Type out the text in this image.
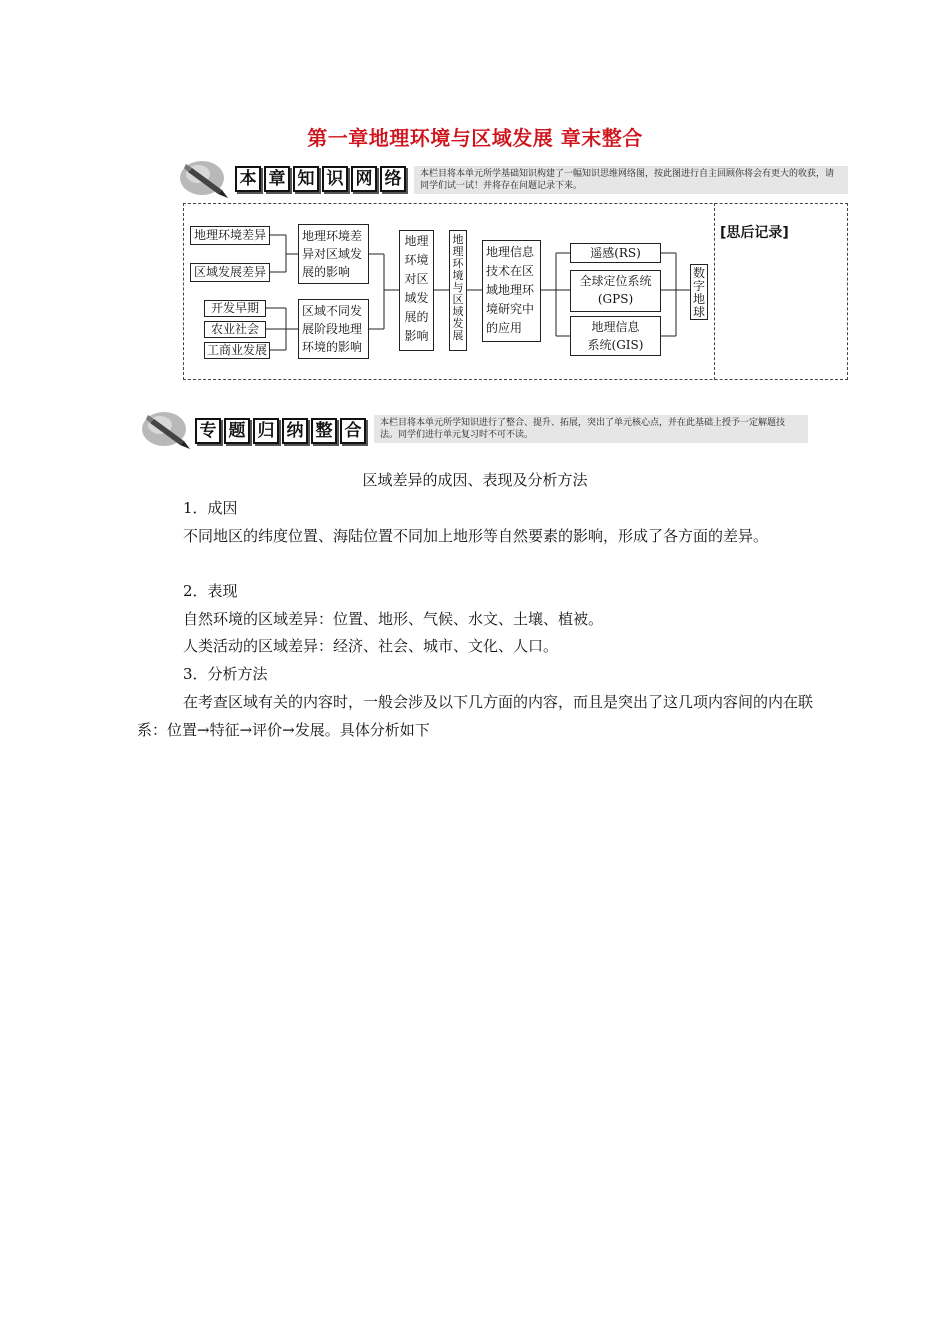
第一章地理环境与区域发展 章末整合
本 章 知 识 网 络	本栏目将本单元所学基础知识构建了一幅知识思维网络图，按此图进行自主回顾你将会有更大的收获，请同学们试一试！并将存在问题记录下来。
[思后记录]
地理环境差异
区域发展差异
地理环境差异对区域发展的影响
开发早期
农业社会
工商业发展
区域不同发展阶段地理环境的影响
地理环境对区域发展的影响
地理环境与区域发展
地理信息技术在区域地理环境研究中的应用
遥感(RS)
全球定位系统
(GPS)
地理信息
系统(GIS)
数字地球
专 题 归 纳 整 合	本栏目将本单元所学知识进行了整合、提升、拓展，突出了单元核心点，并在此基础上授予一定解题技法。同学们进行单元复习时不可不读。
区域差异的成因、表现及分析方法
1．成因
不同地区的纬度位置、海陆位置不同加上地形等自然要素的影响，形成了各方面的差异。
2．表现
自然环境的区域差异：位置、地形、气候、水文、土壤、植被。
人类活动的区域差异：经济、社会、城市、文化、人口。
3．分析方法
在考查区域有关的内容时，一般会涉及以下几方面的内容，而且是突出了这几项内容间的内在联系：位置→特征→评价→发展。具体分析如下
